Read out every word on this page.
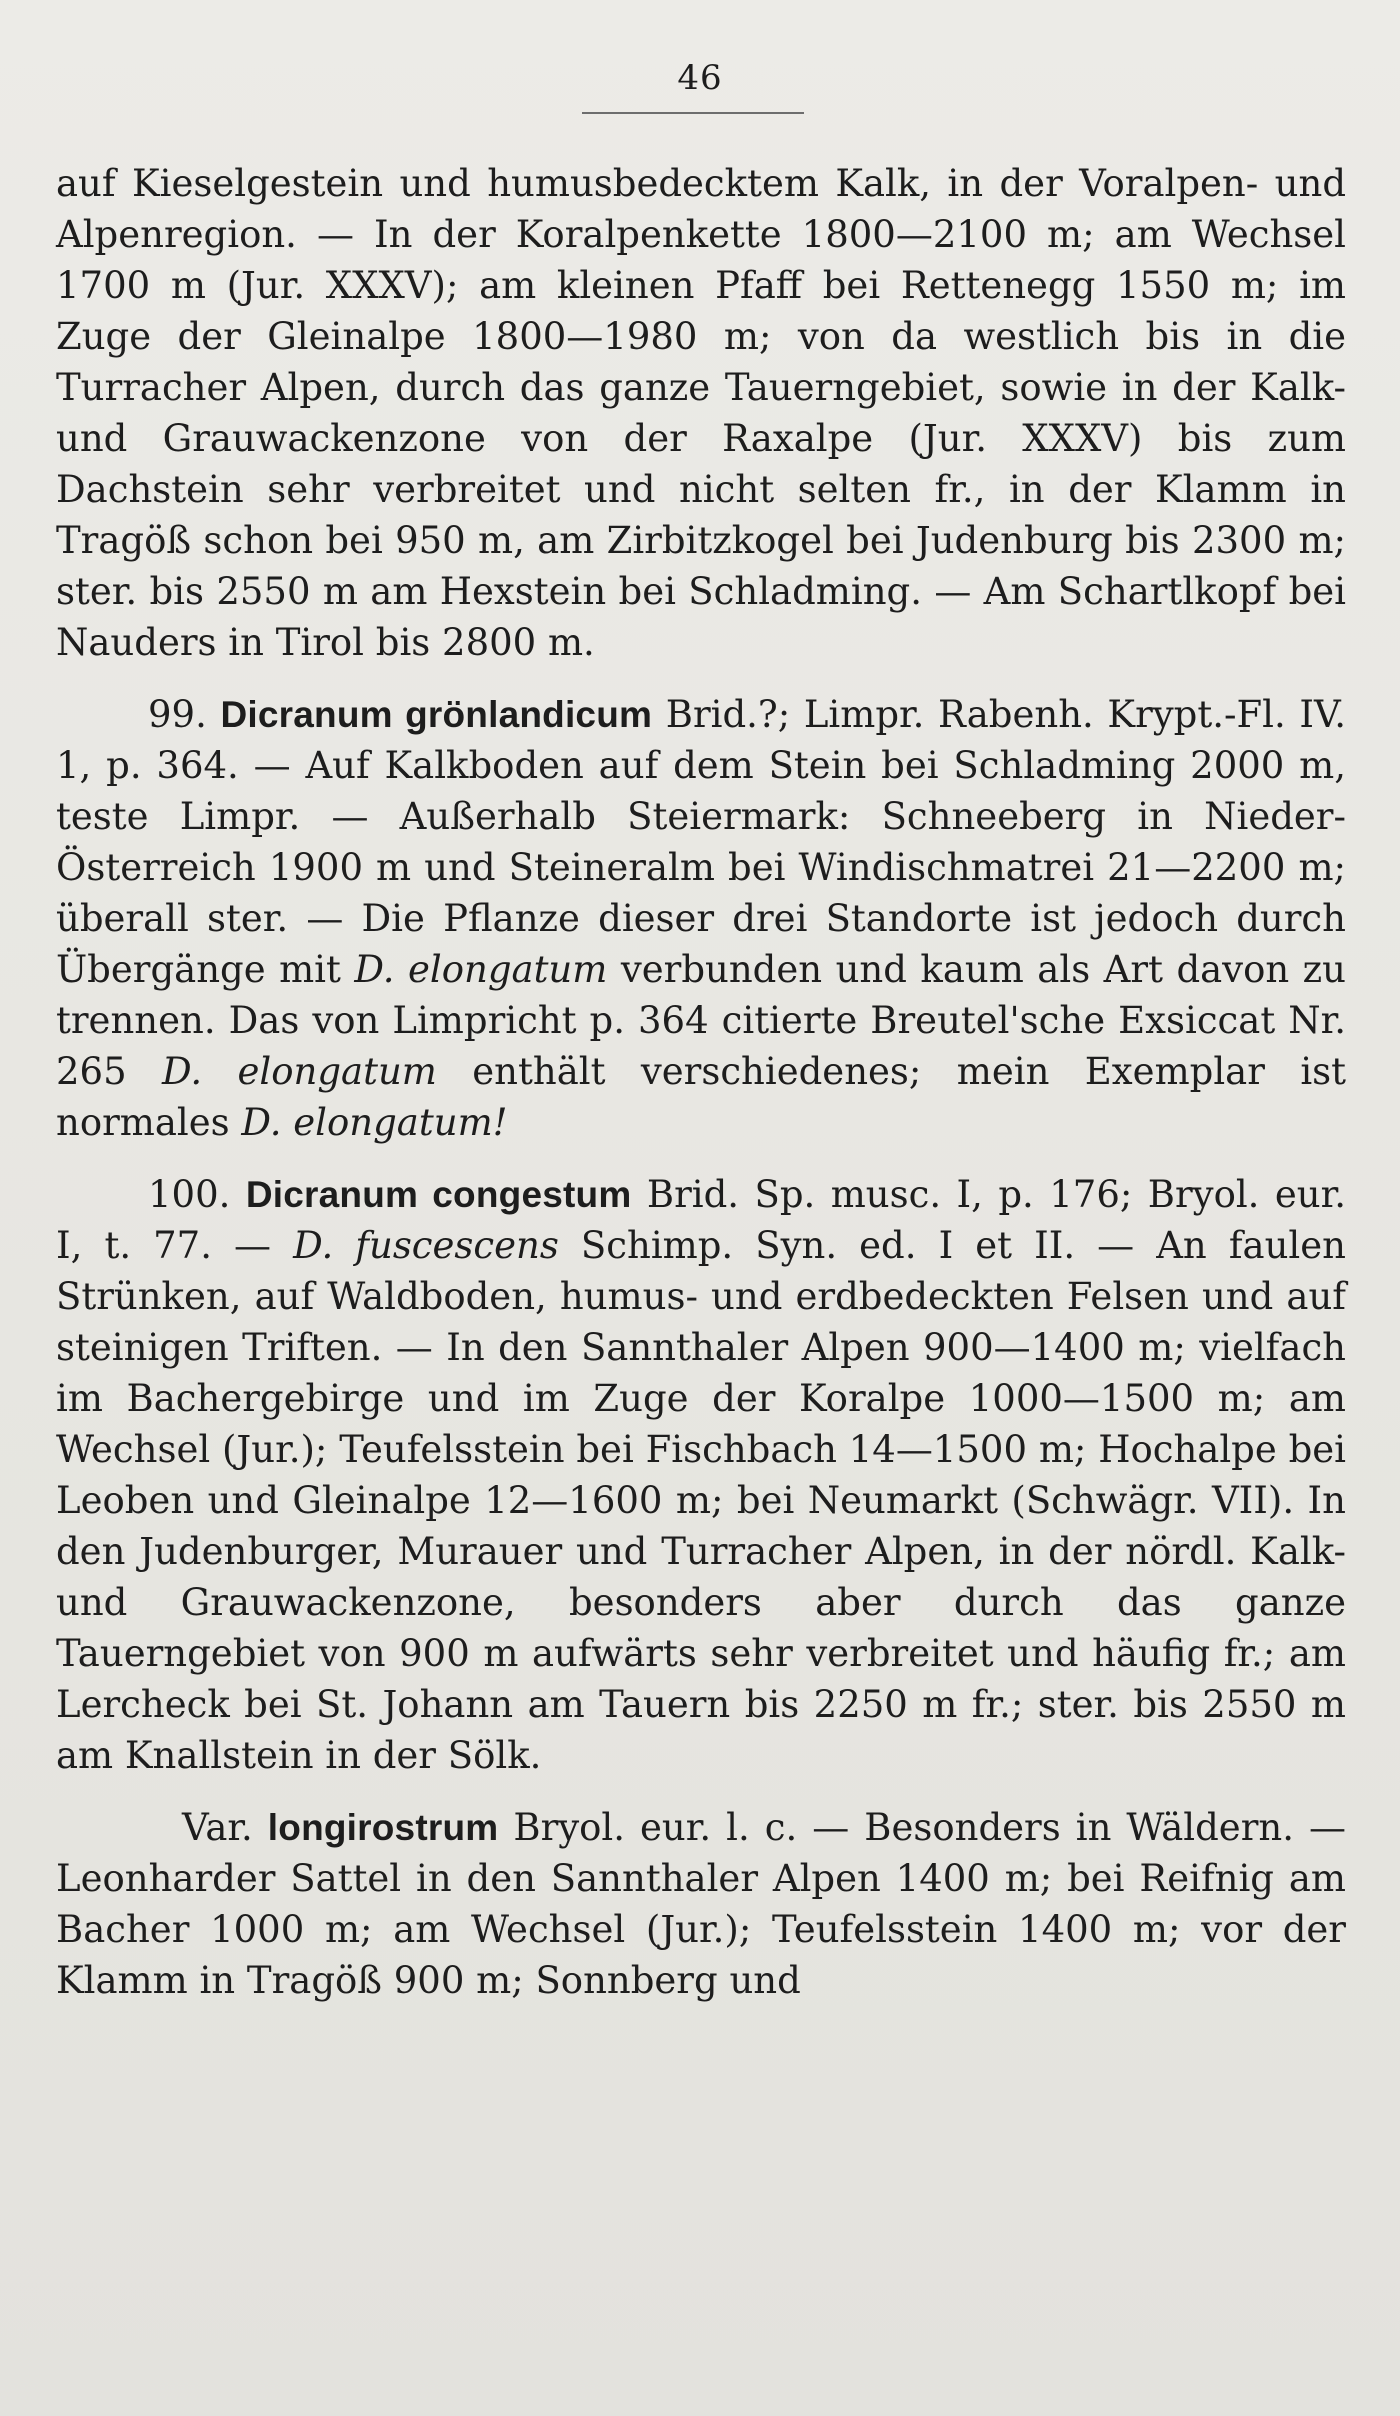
46

auf Kieselgestein und humusbedecktem Kalk, in der Voralpen- und Alpenregion. — In der Koralpenkette 1800—2100 m; am Wechsel 1700 m (Jur. XXXV); am kleinen Pfaff bei Rettenegg 1550 m; im Zuge der Gleinalpe 1800—1980 m; von da westlich bis in die Turracher Alpen, durch das ganze Tauerngebiet, sowie in der Kalk- und Grauwackenzone von der Raxalpe (Jur. XXXV) bis zum Dachstein sehr verbreitet und nicht selten fr., in der Klamm in Tragöß schon bei 950 m, am Zirbitzkogel bei Judenburg bis 2300 m; ster. bis 2550 m am Hexstein bei Schladming. — Am Schartlkopf bei Nauders in Tirol bis 2800 m.

99. Dicranum grönlandicum Brid.?; Limpr. Rabenh. Krypt.-Fl. IV. 1, p. 364. — Auf Kalkboden auf dem Stein bei Schladming 2000 m, teste Limpr. — Außerhalb Steiermark: Schneeberg in Nieder-Österreich 1900 m und Steineralm bei Windischmatrei 21—2200 m; überall ster. — Die Pflanze dieser drei Standorte ist jedoch durch Übergänge mit D. elongatum verbunden und kaum als Art davon zu trennen. Das von Limpricht p. 364 citierte Breutel'sche Exsiccat Nr. 265 D. elongatum enthält verschiedenes; mein Exemplar ist normales D. elongatum!

100. Dicranum congestum Brid. Sp. musc. I, p. 176; Bryol. eur. I, t. 77. — D. fuscescens Schimp. Syn. ed. I et II. — An faulen Strünken, auf Waldboden, humus- und erdbedeckten Felsen und auf steinigen Triften. — In den Sannthaler Alpen 900—1400 m; vielfach im Bachergebirge und im Zuge der Koralpe 1000—1500 m; am Wechsel (Jur.); Teufelsstein bei Fischbach 14—1500 m; Hochalpe bei Leoben und Gleinalpe 12—1600 m; bei Neumarkt (Schwägr. VII). In den Judenburger, Murauer und Turracher Alpen, in der nördl. Kalk- und Grauwackenzone, besonders aber durch das ganze Tauerngebiet von 900 m aufwärts sehr verbreitet und häufig fr.; am Lercheck bei St. Johann am Tauern bis 2250 m fr.; ster. bis 2550 m am Knallstein in der Sölk.

Var. longirostrum Bryol. eur. l. c. — Besonders in Wäldern. — Leonharder Sattel in den Sannthaler Alpen 1400 m; bei Reifnig am Bacher 1000 m; am Wechsel (Jur.); Teufelsstein 1400 m; vor der Klamm in Tragöß 900 m; Sonnberg und
